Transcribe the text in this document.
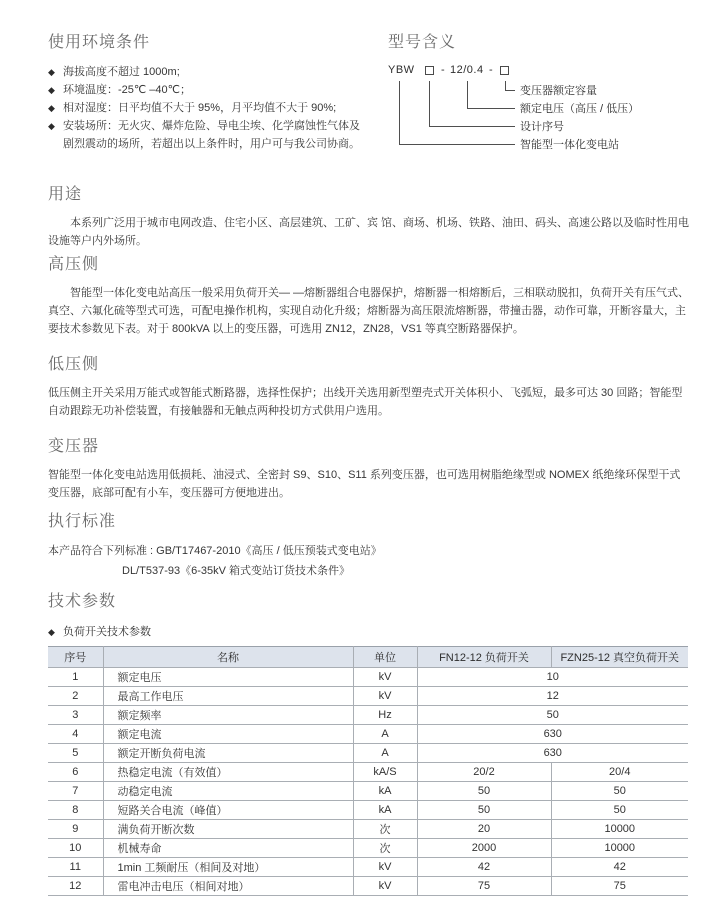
使用环境条件
◆ 海拔高度不超过 1000m;
◆ 环境温度：-25℃ –40℃；
◆ 相对湿度：日平均值不大于 95%，月平均值不大于 90%;
◆ 安装场所：无火灾、爆炸危险、导电尘埃、化学腐蚀性气体及剧烈震动的场所，若超出以上条件时，用户可与我公司协商。
型号含义
YBW - 12/0.4 -
变压器额定容量
额定电压（高压 / 低压）
设计序号
智能型一体化变电站
用途
本系列广泛用于城市电网改造、住宅小区、高层建筑、工矿、宾 馆、商场、机场、铁路、油田、码头、高速公路以及临时性用电设施等户内外场所。
高压侧
智能型一体化变电站高压一般采用负荷开关— —熔断器组合电器保护，熔断器一相熔断后，三相联动脱扣，负荷开关有压气式、真空、六氟化硫等型式可选，可配电操作机构，实现自动化升级；熔断器为高压限流熔断器，带撞击器，动作可靠，开断容量大，主要技术参数见下表。对于 800kVA 以上的变压器，可选用 ZN12，ZN28，VS1 等真空断路器保护。
低压侧
低压侧主开关采用万能式或智能式断路器，选择性保护；出线开关选用新型塑壳式开关体积小、飞弧短，最多可达 30 回路；智能型自动跟踪无功补偿装置，有接触器和无触点两种投切方式供用户选用。
变压器
智能型一体化变电站选用低损耗、油浸式、全密封 S9、S10、S11 系列变压器，也可选用树脂绝缘型或 NOMEX 纸绝缘环保型干式变压器，底部可配有小车，变压器可方便地进出。
执行标准
本产品符合下列标准 : GB/T17467-2010《高压 / 低压预装式变电站》
DL/T537-93《6-35kV 箱式变站订货技术条件》
技术参数
◆ 负荷开关技术参数
序号	名称	单位	FN12-12 负荷开关	FZN25-12 真空负荷开关
1	额定电压	kV	10	
2	最高工作电压	kV	12	
3	额定频率	Hz	50	
4	额定电流	A	630	
5	额定开断负荷电流	A	630	
6	热稳定电流（有效值）	kA/S	20/2	20/4
7	动稳定电流	kA	50	50
8	短路关合电流（峰值）	kA	50	50
9	满负荷开断次数	次	20	10000
10	机械寿命	次	2000	10000
11	1min 工频耐压（相间及对地）	kV	42	42
12	雷电冲击电压（相间对地）	kV	75	75
